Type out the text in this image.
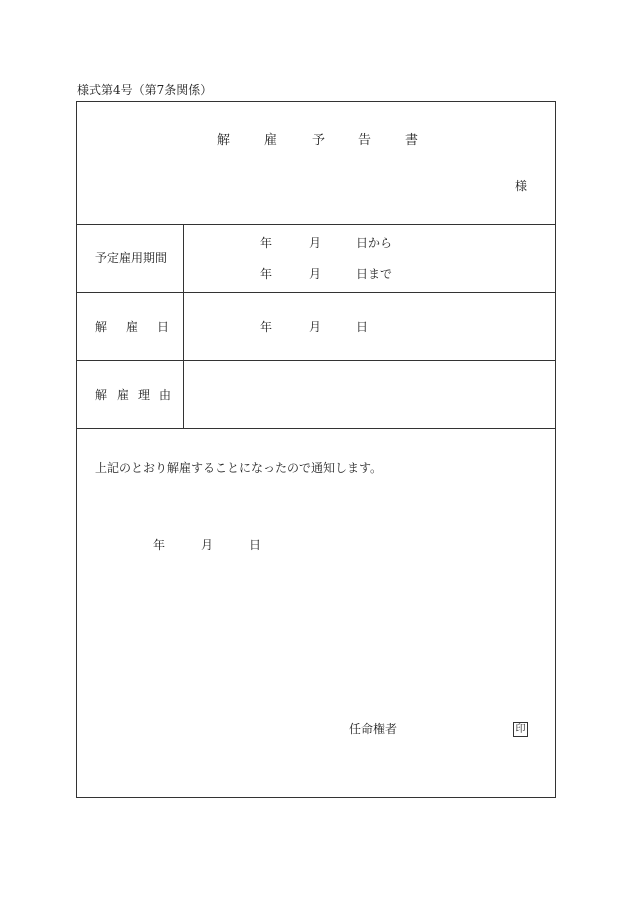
様式第4号（第7条関係）
解	雇	予	告	書
様
予定雇用期間
年	月	日から
年	月	日まで
解 雇 日	年	月	日
解 雇 理 由
上記のとおり解雇することになったので通知します。
年	月	日
任命権者	印
